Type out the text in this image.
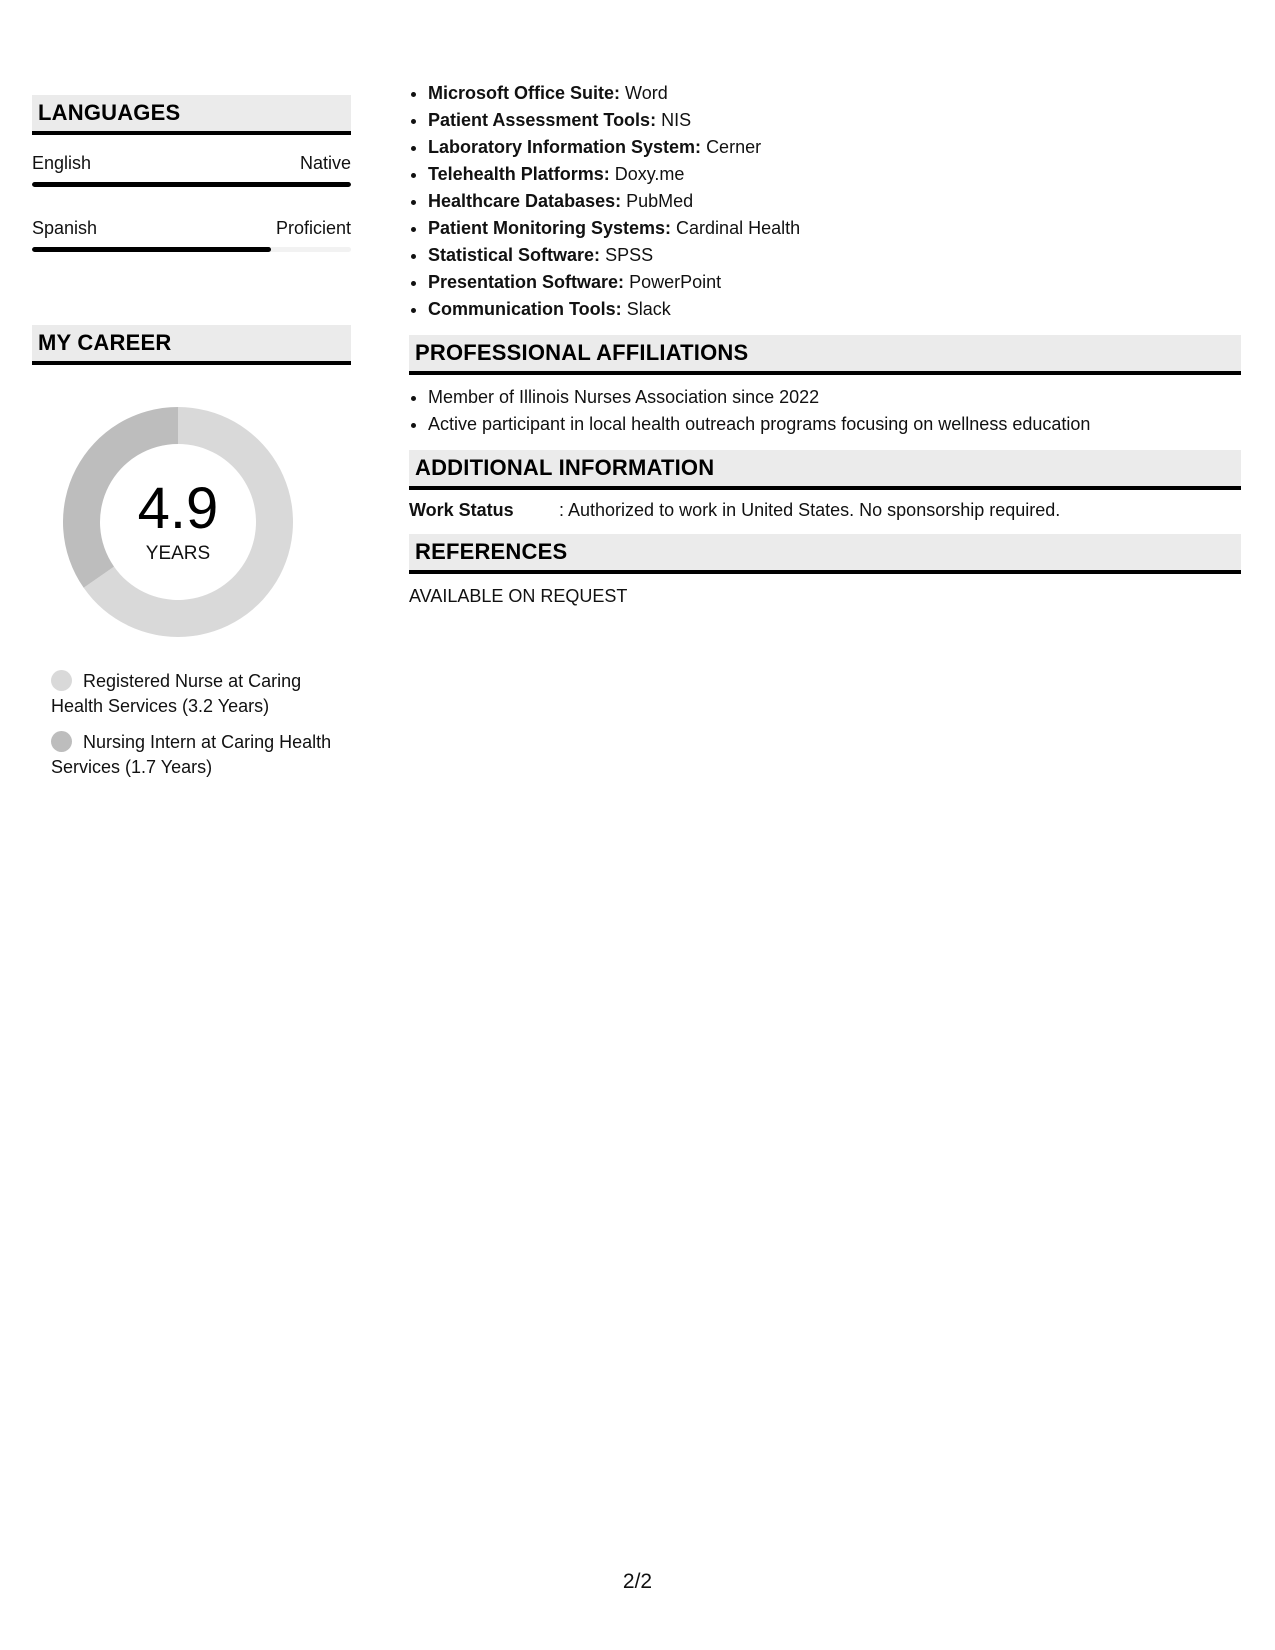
LANGUAGES
English	Native
Spanish	Proficient
MY CAREER
4.9
YEARS
Registered Nurse at Caring Health Services (3.2 Years)
Nursing Intern at Caring Health Services (1.7 Years)
• Microsoft Office Suite: Word
• Patient Assessment Tools: NIS
• Laboratory Information System: Cerner
• Telehealth Platforms: Doxy.me
• Healthcare Databases: PubMed
• Patient Monitoring Systems: Cardinal Health
• Statistical Software: SPSS
• Presentation Software: PowerPoint
• Communication Tools: Slack
PROFESSIONAL AFFILIATIONS
• Member of Illinois Nurses Association since 2022
• Active participant in local health outreach programs focusing on wellness education
ADDITIONAL INFORMATION
Work Status	: Authorized to work in United States. No sponsorship required.
REFERENCES
AVAILABLE ON REQUEST
2/2
